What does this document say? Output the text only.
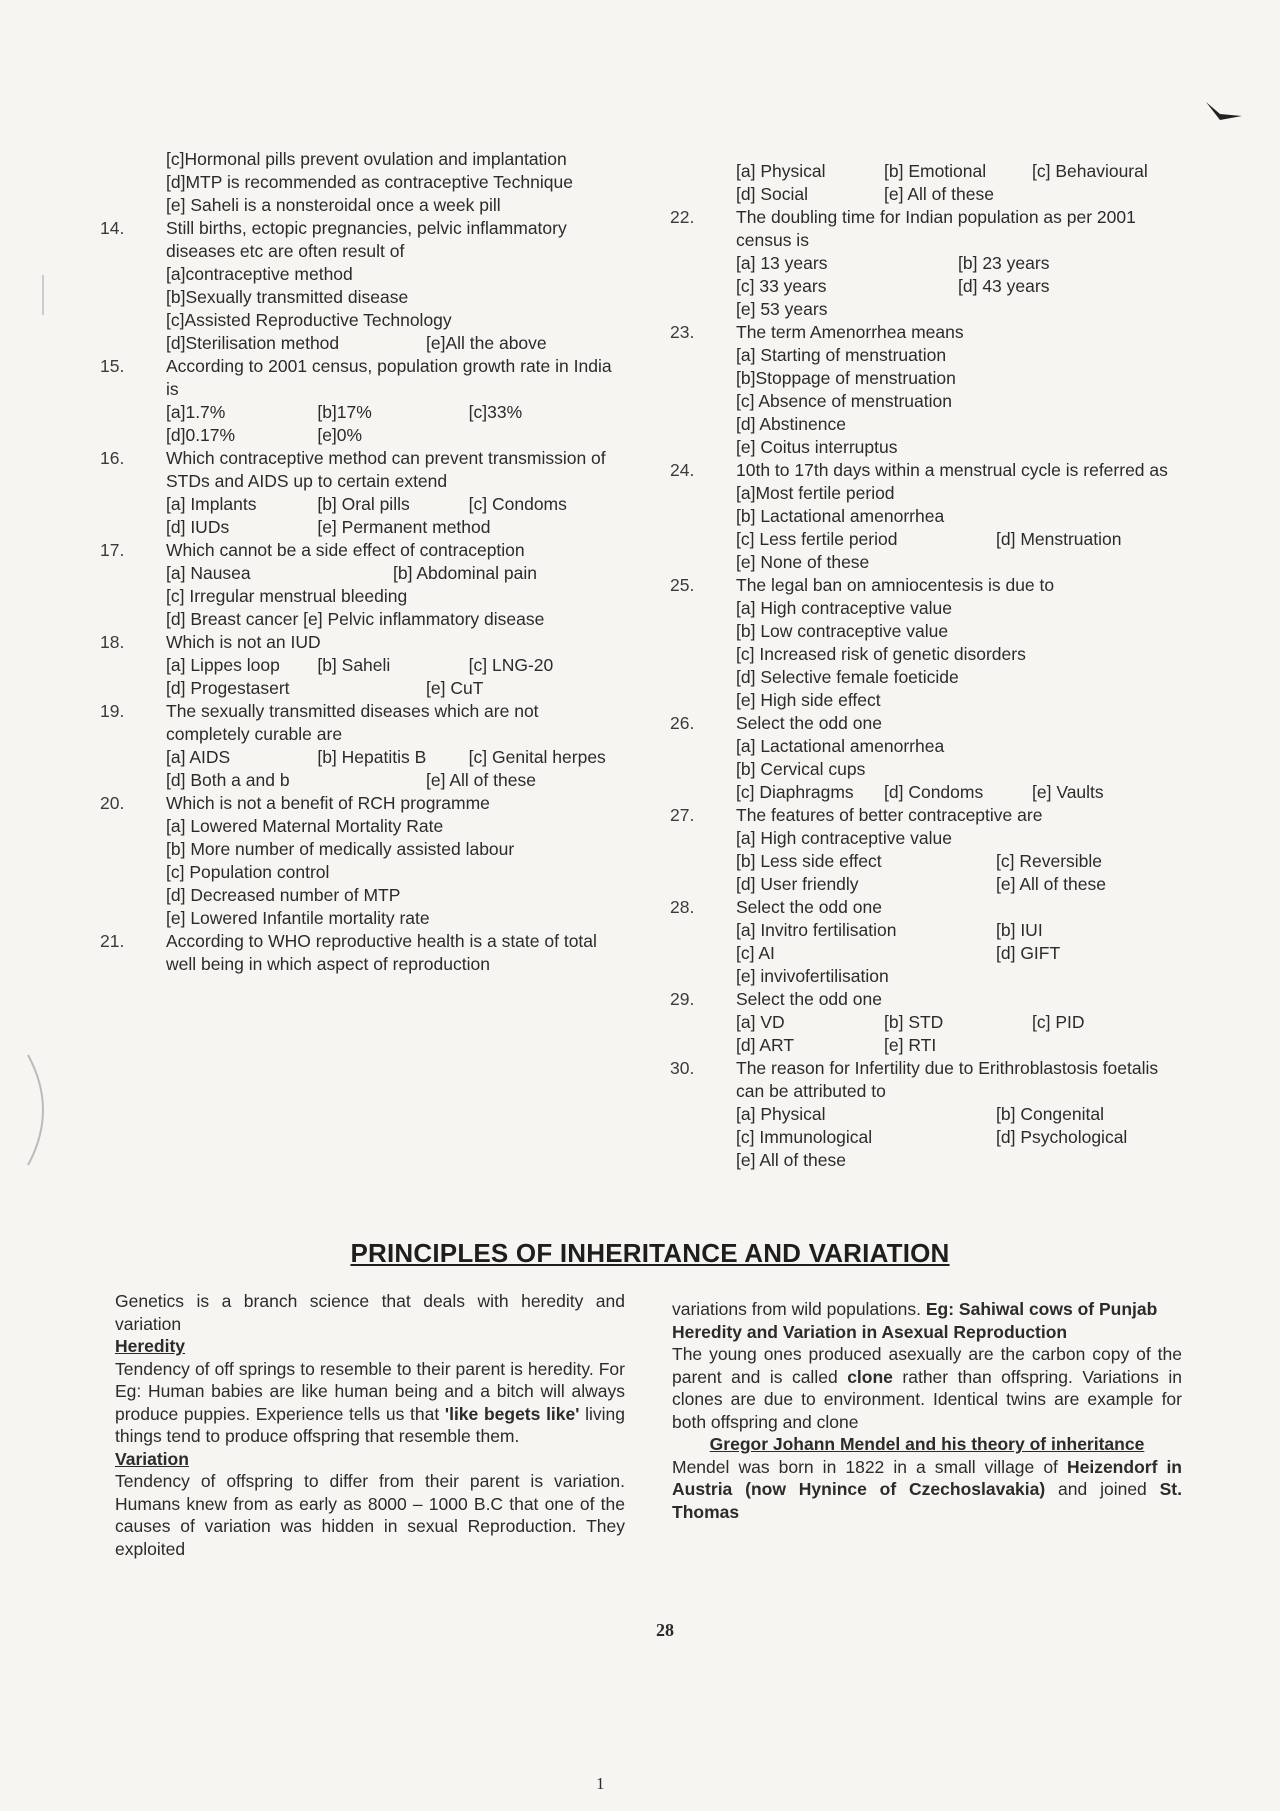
[c]Hormonal pills prevent ovulation and implantation
[d]MTP is recommended as contraceptive Technique
[e] Saheli is a nonsteroidal once a week pill
14. Still births, ectopic pregnancies, pelvic inflammatory diseases etc are often result of
[a]contraceptive method
[b]Sexually transmitted disease
[c]Assisted Reproductive Technology
[d]Sterilisation method	[e]All the above
15. According to 2001 census, population growth rate in India is
[a]1.7%	[b]17%	[c]33%
[d]0.17%	[e]0%
16. Which contraceptive method can prevent transmission of STDs and AIDS up to certain extend
[a] Implants	[b] Oral pills	[c] Condoms
[d] IUDs	[e] Permanent method
17. Which cannot be a side effect of contraception
[a] Nausea	[b] Abdominal pain
[c] Irregular menstrual bleeding
[d] Breast cancer [e] Pelvic inflammatory disease
18. Which is not an IUD
[a] Lippes loop	[b] Saheli	[c] LNG-20
[d] Progestasert	[e] CuT
19. The sexually transmitted diseases which are not completely curable are
[a] AIDS	[b] Hepatitis B	[c] Genital herpes
[d] Both a and b	[e] All of these
20. Which is not a benefit of RCH programme
[a] Lowered Maternal Mortality Rate
[b] More number of medically assisted labour
[c] Population control
[d] Decreased number of MTP
[e] Lowered Infantile mortality rate
21. According to WHO reproductive health is a state of total well being in which aspect of reproduction
[a] Physical	[b] Emotional	[c] Behavioural
[d] Social	[e] All of these
22. The doubling time for Indian population as per 2001 census is
[a] 13 years	[b] 23 years
[c] 33 years	[d] 43 years
[e] 53 years
23. The term Amenorrhea means
[a] Starting of menstruation
[b]Stoppage of menstruation
[c] Absence of menstruation
[d] Abstinence
[e] Coitus interruptus
24. 10th to 17th days within a menstrual cycle is referred as
[a]Most fertile period
[b] Lactational amenorrhea
[c] Less fertile period	[d] Menstruation
[e] None of these
25. The legal ban on amniocentesis is due to
[a] High contraceptive value
[b] Low contraceptive value
[c] Increased risk of genetic disorders
[d] Selective female foeticide
[e] High side effect
26. Select the odd one
[a] Lactational amenorrhea
[b] Cervical cups
[c] Diaphragms	[d] Condoms	[e] Vaults
27. The features of better contraceptive are
[a] High contraceptive value
[b] Less side effect	[c] Reversible
[d] User friendly	[e] All of these
28. Select the odd one
[a] Invitro fertilisation	[b] IUI
[c] AI	[d] GIFT
[e] invivofertilisation
29. Select the odd one
[a] VD	[b] STD	[c] PID
[d] ART	[e] RTI
30. The reason for Infertility due to Erithroblastosis foetalis can be attributed to
[a] Physical	[b] Congenital
[c] Immunological	[d] Psychological
[e] All of these
PRINCIPLES OF INHERITANCE AND VARIATION
Genetics is a branch science that deals with heredity and variation
Heredity
Tendency of off springs to resemble to their parent is heredity. For Eg: Human babies are like human being and a bitch will always produce puppies. Experience tells us that 'like begets like' living things tend to produce offspring that resemble them.
Variation
Tendency of offspring to differ from their parent is variation. Humans knew from as early as 8000 – 1000 B.C that one of the causes of variation was hidden in sexual Reproduction. They exploited
variations from wild populations. Eg: Sahiwal cows of Punjab
Heredity and Variation in Asexual Reproduction
The young ones produced asexually are the carbon copy of the parent and is called clone rather than offspring. Variations in clones are due to environment. Identical twins are example for both offspring and clone
Gregor Johann Mendel and his theory of inheritance
Mendel was born in 1822 in a small village of Heizendorf in Austria (now Hynince of Czechoslavakia) and joined St. Thomas
28
1
